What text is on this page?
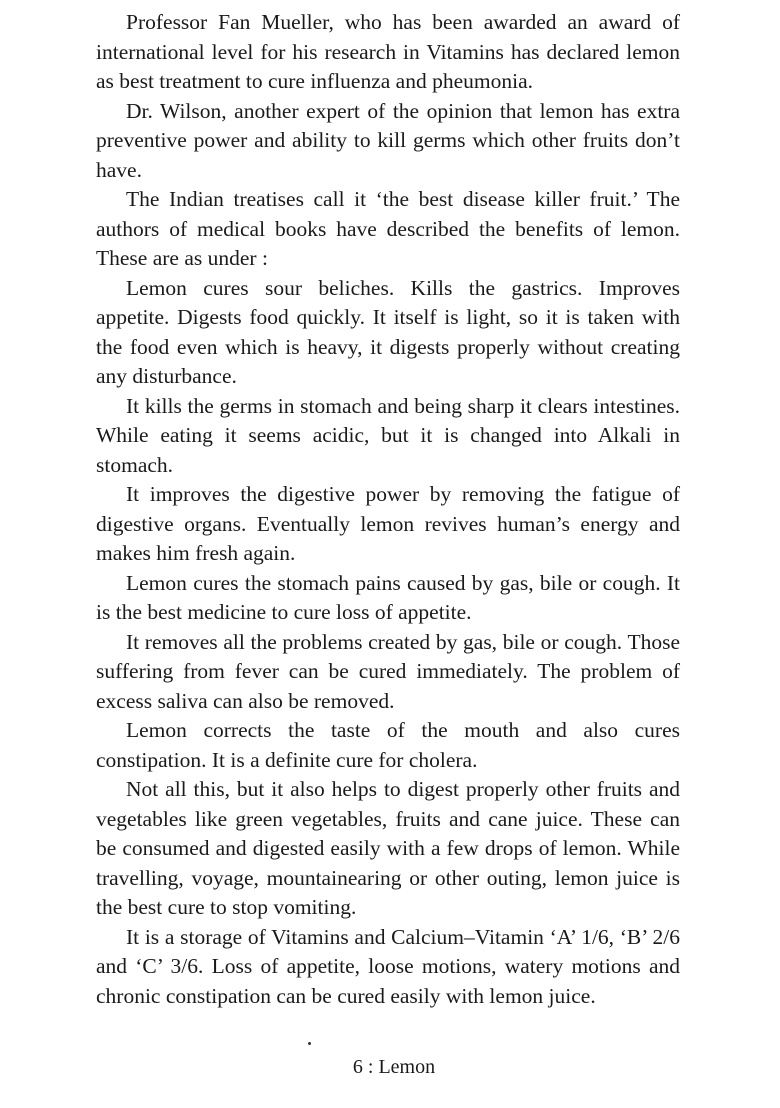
Professor Fan Mueller, who has been awarded an award of international level for his research in Vitamins has declared lemon as best treatment to cure influenza and pheumonia.

Dr. Wilson, another expert of the opinion that lemon has extra preventive power and ability to kill germs which other fruits don’t have.

The Indian treatises call it ‘the best disease killer fruit.’ The authors of medical books have described the benefits of lemon. These are as under :

Lemon cures sour beliches. Kills the gastrics. Improves appetite. Digests food quickly. It itself is light, so it is taken with the food even which is heavy, it digests properly without creating any disturbance.

It kills the germs in stomach and being sharp it clears intestines. While eating it seems acidic, but it is changed into Alkali in stomach.

It improves the digestive power by removing the fatigue of digestive organs. Eventually lemon revives human’s energy and makes him fresh again.

Lemon cures the stomach pains caused by gas, bile or cough. It is the best medicine to cure loss of appetite.

It removes all the problems created by gas, bile or cough. Those suffering from fever can be cured immediately. The problem of excess saliva can also be removed.

Lemon corrects the taste of the mouth and also cures constipation. It is a definite cure for cholera.

Not all this, but it also helps to digest properly other fruits and vegetables like green vegetables, fruits and cane juice. These can be consumed and digested easily with a few drops of lemon. While travelling, voyage, mountainearing or other outing, lemon juice is the best cure to stop vomiting.

It is a storage of Vitamins and Calcium–Vitamin ‘A’ 1/6, ‘B’ 2/6 and ‘C’ 3/6. Loss of appetite, loose motions, watery motions and chronic constipation can be cured easily with lemon juice.

6 : Lemon
